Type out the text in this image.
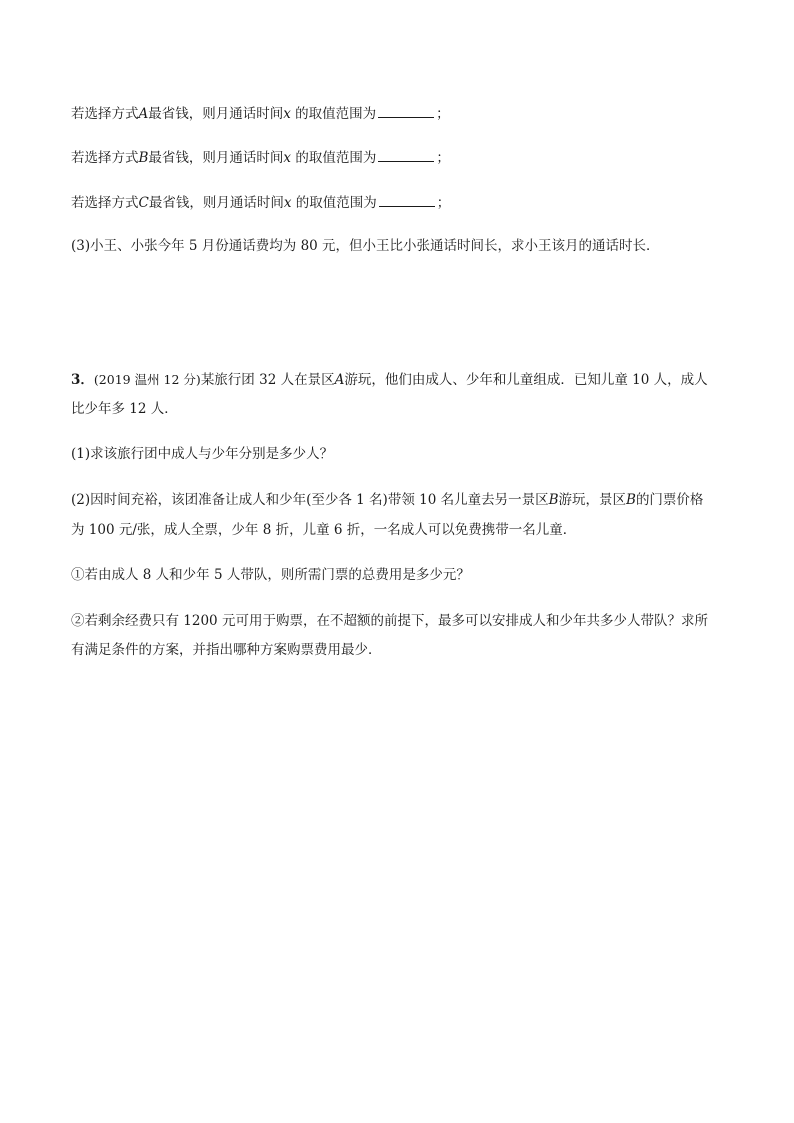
若选择方式A最省钱，则月通话时间x 的取值范围为	；
若选择方式B最省钱，则月通话时间x 的取值范围为	；
若选择方式C最省钱，则月通话时间x 的取值范围为	；
(3)小王、小张今年 5 月份通话费均为 80 元，但小王比小张通话时间长，求小王该月的通话时长．
3．(2019 温州 12 分)某旅行团 32 人在景区A游玩，他们由成人、少年和儿童组成．已知儿童 10 人，成人
比少年多 12 人．
(1)求该旅行团中成人与少年分别是多少人？
(2)因时间充裕，该团准备让成人和少年(至少各 1 名)带领 10 名儿童去另一景区B游玩，景区B的门票价格
为 100 元/张，成人全票，少年 8 折，儿童 6 折，一名成人可以免费携带一名儿童．
①若由成人 8 人和少年 5 人带队，则所需门票的总费用是多少元？
②若剩余经费只有 1200 元可用于购票，在不超额的前提下，最多可以安排成人和少年共多少人带队？求所
有满足条件的方案，并指出哪种方案购票费用最少．
